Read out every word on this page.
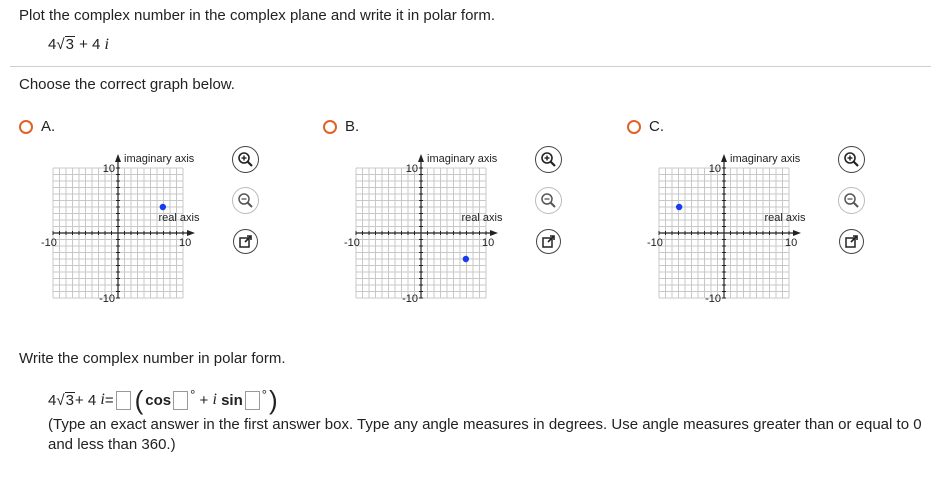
Plot the complex number in the complex plane and write it in polar form.
4√3 + 4 i
Choose the correct graph below.
A.	B.	C.
imaginary axis
real axis
-10	10
10
-10
imaginary axis
real axis
-10	10
10
-10
imaginary axis
real axis
-10	10
10
-10
Write the complex number in polar form.
4 √ 3 + 4
i = ( cos ° + i
sin ° )
(Type an exact answer in the first answer box. Type any angle measures in degrees. Use angle measures greater than or equal to 0 and less than 360.)
